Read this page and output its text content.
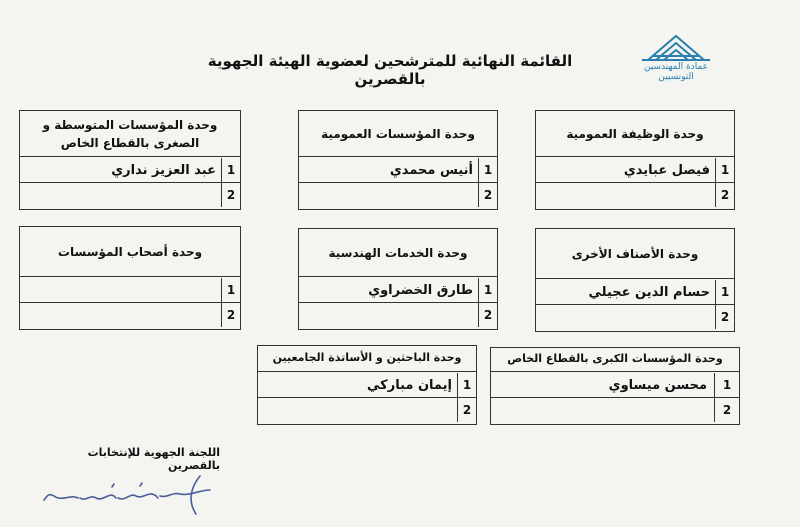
عمادة المهندسين التونسيين
القائمة النهائية للمترشحين لعضوية الهيئة الجهوية بالقصرين
وحدة الوظيفة العمومية
1
فيصل عبايدي
2
وحدة المؤسسات العمومية
1
أنيس محمدي
2
وحدة المؤسسات المتوسطة و الصغرى بالقطاع الخاص
1
عبد العزيز نداري
2
وحدة الأصناف الأخرى
1
حسام الدين عجيلي
2
وحدة الخدمات الهندسية
1
طارق الخضراوي
2
وحدة أصحاب المؤسسات
1
2
وحدة المؤسسات الكبرى بالقطاع الخاص
1
محسن ميساوي
2
وحدة الباحثين و الأساتذة الجامعيين
1
إيمان مباركي
2
اللجنة الجهوية للإنتخابات بالقصرين
